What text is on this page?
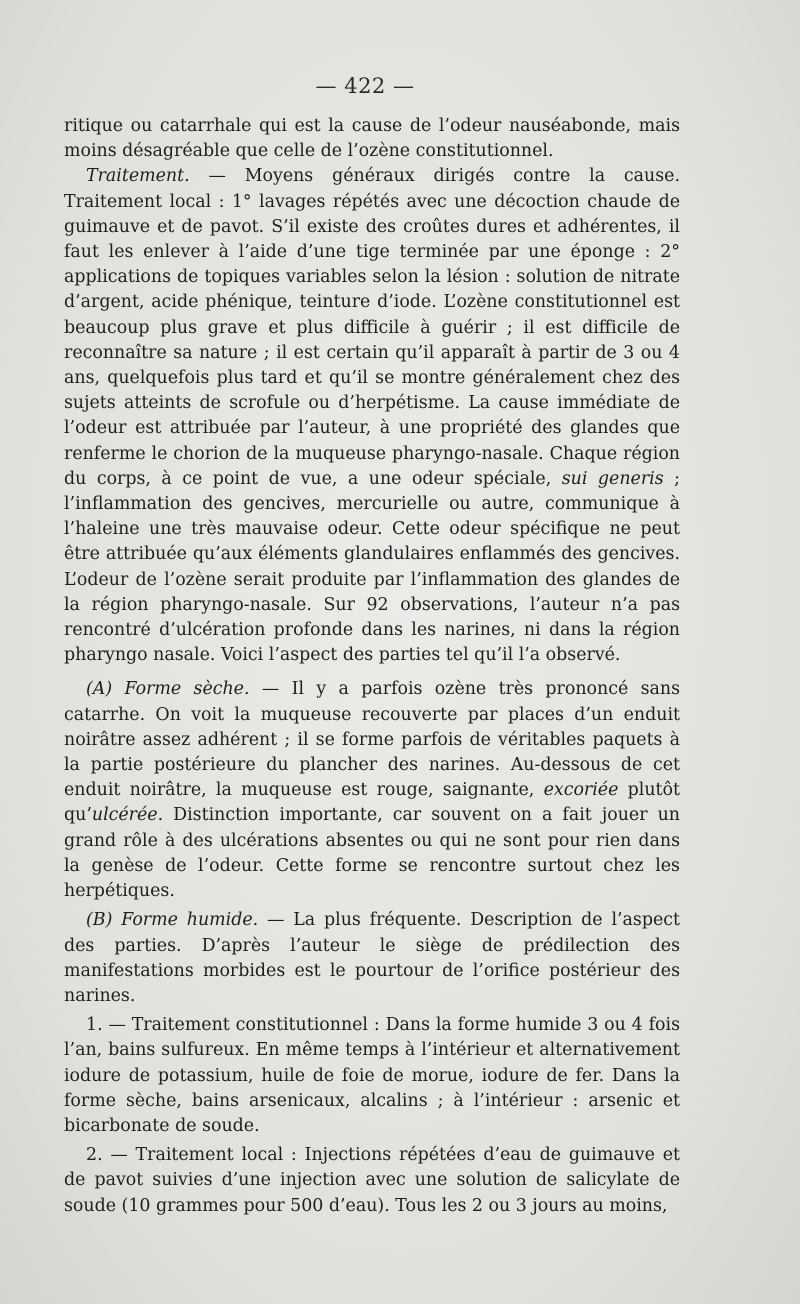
— 422 —

ritique ou catarrhale qui est la cause de l’odeur nauséabonde, mais moins désagréable que celle de l’ozène constitutionnel.

Traitement. — Moyens généraux dirigés contre la cause. Traitement local : 1° lavages répétés avec une décoction chaude de guimauve et de pavot. S’il existe des croûtes dures et adhérentes, il faut les enlever à l’aide d’une tige terminée par une éponge : 2° applications de topiques variables selon la lésion : solution de nitrate d’argent, acide phénique, teinture d’iode. L’ozène constitutionnel est beaucoup plus grave et plus difficile à guérir ; il est difficile de reconnaître sa nature ; il est certain qu’il apparaît à partir de 3 ou 4 ans, quelquefois plus tard et qu’il se montre généralement chez des sujets atteints de scrofule ou d’herpétisme. La cause immédiate de l’odeur est attribuée par l’auteur, à une propriété des glandes que renferme le chorion de la muqueuse pharyngo-nasale. Chaque région du corps, à ce point de vue, a une odeur spéciale, sui generis ; l’inflammation des gencives, mercurielle ou autre, communique à l’haleine une très mauvaise odeur. Cette odeur spécifique ne peut être attribuée qu’aux éléments glandulaires enflammés des gencives. L’odeur de l’ozène serait produite par l’inflammation des glandes de la région pharyngo-nasale. Sur 92 observations, l’auteur n’a pas rencontré d’ulcération profonde dans les narines, ni dans la région pharyngo nasale. Voici l’aspect des parties tel qu’il l’a observé.

(A) Forme sèche. — Il y a parfois ozène très prononcé sans catarrhe. On voit la muqueuse recouverte par places d’un enduit noirâtre assez adhérent ; il se forme parfois de véritables paquets à la partie postérieure du plancher des narines. Au-dessous de cet enduit noirâtre, la muqueuse est rouge, saignante, excoriée plutôt qu’ulcérée. Distinction importante, car souvent on a fait jouer un grand rôle à des ulcérations absentes ou qui ne sont pour rien dans la genèse de l’odeur. Cette forme se rencontre surtout chez les herpétiques.

(B) Forme humide. — La plus fréquente. Description de l’aspect des parties. D’après l’auteur le siège de prédilection des manifestations morbides est le pourtour de l’orifice postérieur des narines.

1. — Traitement constitutionnel : Dans la forme humide 3 ou 4 fois l’an, bains sulfureux. En même temps à l’intérieur et alternativement iodure de potassium, huile de foie de morue, iodure de fer. Dans la forme sèche, bains arsenicaux, alcalins ; à l’intérieur : arsenic et bicarbonate de soude.

2. — Traitement local : Injections répétées d’eau de guimauve et de pavot suivies d’une injection avec une solution de salicylate de soude (10 grammes pour 500 d’eau). Tous les 2 ou 3 jours au moins,
